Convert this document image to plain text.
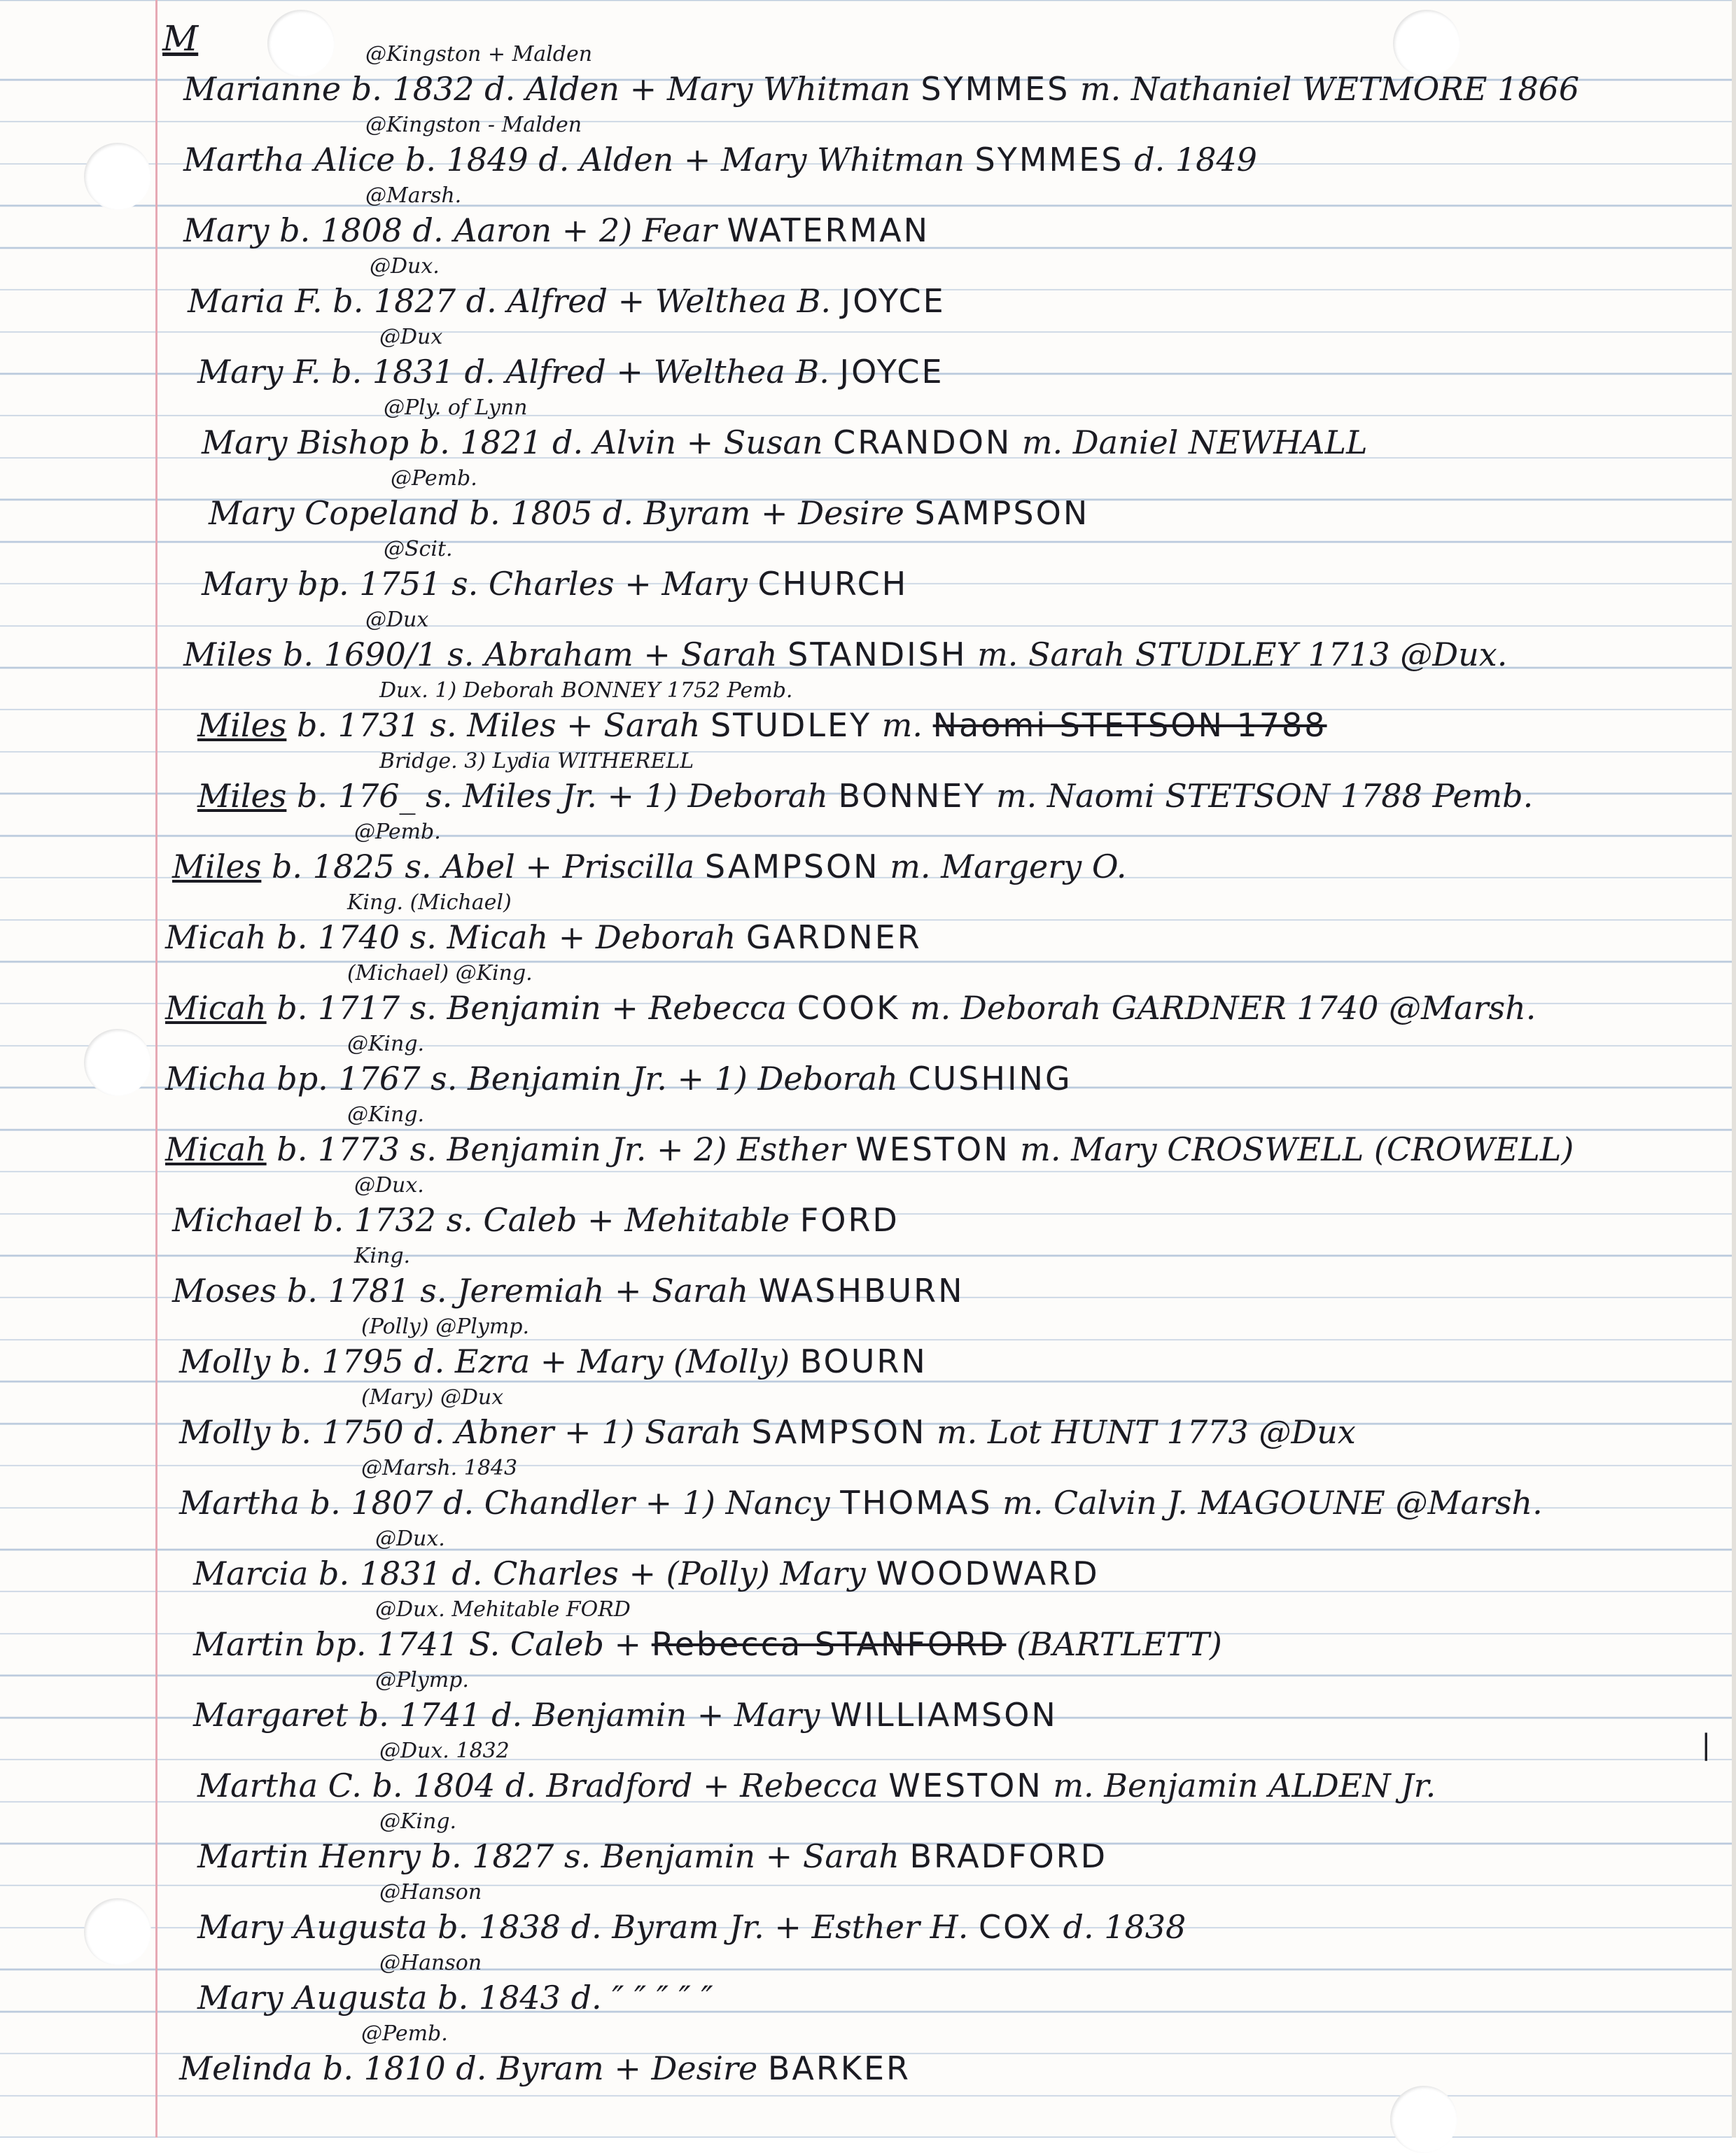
M	@Kingston + Malden
Marianne b. 1832 d. Alden + Mary Whitman SYMMES m. Nathaniel WETMORE 1866
@Kingston - Malden
Martha Alice b. 1849 d. Alden + Mary Whitman SYMMES d. 1849
@Marsh.
Mary b. 1808 d. Aaron + 2) Fear WATERMAN
@Dux.
Maria F. b. 1827 d. Alfred + Welthea B. JOYCE
@Dux
Mary F. b. 1831 d. Alfred + Welthea B. JOYCE
@Ply. of Lynn
Mary Bishop b. 1821 d. Alvin + Susan CRANDON m. Daniel NEWHALL
@Pemb.
Mary Copeland b. 1805 d. Byram + Desire SAMPSON
@Scit.
Mary bp. 1751 s. Charles + Mary CHURCH
@Dux
Miles b. 1690/1 s. Abraham + Sarah STANDISH m. Sarah STUDLEY 1713 @Dux.
Dux. 1) Deborah BONNEY 1752 Pemb.
Miles b. 1731 s. Miles + Sarah STUDLEY m. Naomi STETSON 1788
Bridge. 3) Lydia WITHERELL
Miles b. 176_ s. Miles Jr. + 1) Deborah BONNEY m. Naomi STETSON 1788 Pemb.
@Pemb.
Miles b. 1825 s. Abel + Priscilla SAMPSON m. Margery O.
King. (Michael)
Micah b. 1740 s. Micah + Deborah GARDNER
(Michael) @King.
Micah b. 1717 s. Benjamin + Rebecca COOK m. Deborah GARDNER 1740 @Marsh.
@King.
Micha bp. 1767 s. Benjamin Jr. + 1) Deborah CUSHING
@King.
Micah b. 1773 s. Benjamin Jr. + 2) Esther WESTON m. Mary CROSWELL (CROWELL)
@Dux.
Michael b. 1732 s. Caleb + Mehitable FORD
King.
Moses b. 1781 s. Jeremiah + Sarah WASHBURN
(Polly) @Plymp.
Molly b. 1795 d. Ezra + Mary (Molly) BOURN
(Mary) @Dux
Molly b. 1750 d. Abner + 1) Sarah SAMPSON m. Lot HUNT 1773 @Dux
@Marsh. 1843
Martha b. 1807 d. Chandler + 1) Nancy THOMAS m. Calvin J. MAGOUNE @Marsh.
@Dux.
Marcia b. 1831 d. Charles + (Polly) Mary WOODWARD
@Dux. Mehitable FORD
Martin bp. 1741 S. Caleb + Rebecca STANFORD (BARTLETT)
@Plymp.
Margaret b. 1741 d. Benjamin + Mary WILLIAMSON
@Dux. 1832
Martha C. b. 1804 d. Bradford + Rebecca WESTON m. Benjamin ALDEN Jr.
@King.
Martin Henry b. 1827 s. Benjamin + Sarah BRADFORD
@Hanson
Mary Augusta b. 1838 d. Byram Jr. + Esther H. COX d. 1838
@Hanson
Mary Augusta b. 1843 d. ″ ″ ″ ″ ″
@Pemb.
Melinda b. 1810 d. Byram + Desire BARKER
|
